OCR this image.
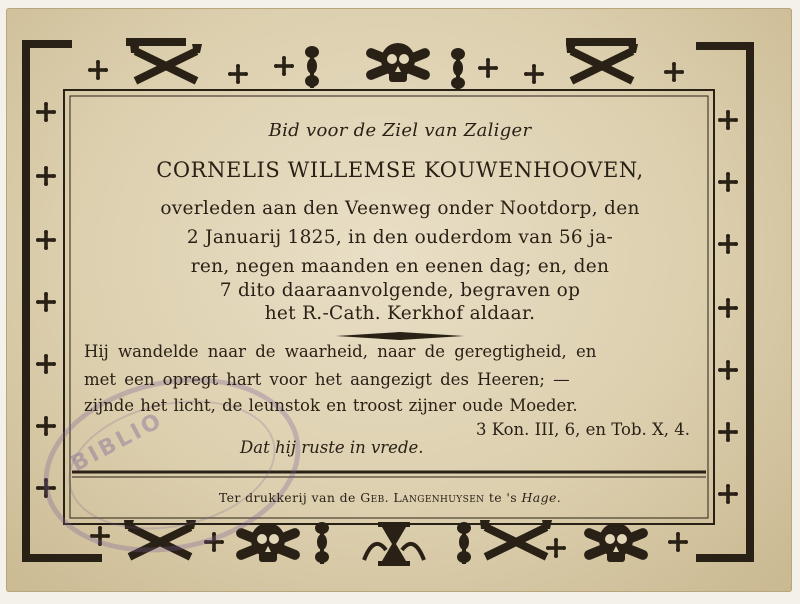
BIBLIO
Bid voor de Ziel van Zaliger
CORNELIS WILLEMSE KOUWENHOOVEN,
overleden aan den Veenweg onder Nootdorp, den
2 Januarij 1825, in den ouderdom van 56 ja-
ren, negen maanden en eenen dag; en, den
7 dito daaraanvolgende, begraven op
het R.-Cath. Kerkhof aldaar.
Hij wandelde naar de waarheid, naar de geregtigheid, en
met een opregt hart voor het aangezigt des Heeren; —
zijnde het licht, de leunstok en troost zijner oude Moeder.
3 Kon. III, 6, en Tob. X, 4.
Dat hij ruste in vrede.
Ter drukkerij van de Geb. Langenhuysen te 's Hage.
